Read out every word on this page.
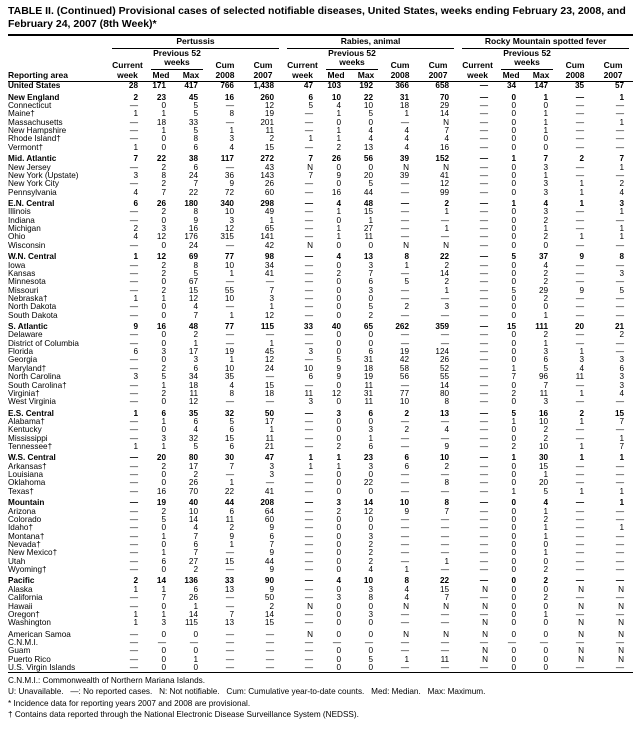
TABLE II. (Continued) Provisional cases of selected notifiable diseases, United States, weeks ending February 23, 2008, and February 24, 2007 (8th Week)*
Reporting area	Pertussis					Rabies, animal					Rocky Mountain spotted fever				

	Current week	Previous 52 weeks		Cum 2008	Cum 2007	Current week	Previous 52 weeks		Cum 2008	Cum 2007	Current week	Previous 52 weeks		Cum 2008	Cum 2007
		Med	Max				Med	Max				Med	Max		
United States	28	171	417	766	1,438	47	103	192	366	658	—	34	147	35	57

New England	2	23	45	16	260	6	10	22	31	70	—	0	1	—	1
Connecticut	—	0	5	—	12	5	4	10	18	29	—	0	0	—	—
Maine†	1	1	5	8	19	—	1	5	1	14	—	0	1	—	—
Massachusetts	—	18	33	—	201	—	0	0	—	N	—	0	1	—	1
New Hampshire	—	1	5	1	11	—	1	4	4	7	—	0	1	—	—
Rhode Island†	—	0	8	3	2	1	1	4	4	4	—	0	0	—	—
Vermont†	1	0	6	4	15	—	2	13	4	16	—	0	0	—	—

Mid. Atlantic	7	22	38	117	272	7	26	56	39	152	—	1	7	2	7
New Jersey	—	2	6	—	43	N	0	0	N	N	—	0	3	—	1
New York (Upstate)	3	8	24	36	143	7	9	20	39	41	—	0	1	—	—
New York City	—	2	7	9	26	—	0	5	—	12	—	0	3	1	2
Pennsylvania	4	7	22	72	60	—	16	44	—	99	—	0	3	1	4

E.N. Central	6	26	180	340	298	—	4	48	—	2	—	1	4	1	3
Illinois	—	2	8	10	49	—	1	15	—	1	—	0	3	—	1
Indiana	—	0	9	3	1	—	0	1	—	—	—	0	2	—	—
Michigan	2	3	16	12	65	—	1	27	—	1	—	0	1	—	1
Ohio	4	12	176	315	141	—	1	11	—	—	—	0	2	1	1
Wisconsin	—	0	24	—	42	N	0	0	N	N	—	0	0	—	—

W.N. Central	1	12	69	77	98	—	4	13	8	22	—	5	37	9	8
Iowa	—	2	8	10	34	—	0	3	1	2	—	0	4	—	—
Kansas	—	2	5	1	41	—	2	7	—	14	—	0	2	—	3
Minnesota	—	0	67	—	—	—	0	6	5	2	—	0	2	—	—
Missouri	—	2	15	55	7	—	0	3	—	1	—	5	29	9	5
Nebraska†	1	1	12	10	3	—	0	0	—	—	—	0	2	—	—
North Dakota	—	0	4	—	1	—	0	5	2	3	—	0	0	—	—
South Dakota	—	0	7	1	12	—	0	2	—	—	—	0	1	—	—

S. Atlantic	9	16	48	77	115	33	40	65	262	359	—	15	111	20	21
Delaware	—	0	2	—	—	—	0	0	—	—	—	0	2	—	2
District of Columbia	—	0	1	—	1	—	0	0	—	—	—	0	1	—	—
Florida	6	3	17	19	45	3	0	6	19	124	—	0	3	1	—
Georgia	—	0	3	1	12	—	5	31	42	26	—	0	6	3	3
Maryland†	—	2	6	10	24	10	9	18	58	52	—	1	5	4	6
North Carolina	3	5	34	35	—	6	9	19	56	55	—	7	96	11	3
South Carolina†	—	1	18	4	15	—	0	11	—	14	—	0	7	—	3
Virginia†	—	2	11	8	18	11	12	31	77	80	—	2	11	1	4
West Virginia	—	0	12	—	—	3	0	11	10	8	—	0	3	—	—

E.S. Central	1	6	35	32	50	—	3	6	2	13	—	5	16	2	15
Alabama†	—	1	6	5	17	—	0	0	—	—	—	1	10	1	7
Kentucky	—	0	4	6	1	—	0	3	2	4	—	0	2	—	—
Mississippi	—	3	32	15	11	—	0	1	—	—	—	0	2	—	1
Tennessee†	1	1	5	6	21	—	2	6	—	9	—	2	10	1	7

W.S. Central	—	20	80	30	47	1	1	23	6	10	—	1	30	1	1
Arkansas†	—	2	17	7	3	1	1	3	6	2	—	0	15	—	—
Louisiana	—	0	2	—	3	—	0	0	—	—	—	0	1	—	—
Oklahoma	—	0	26	1	—	—	0	22	—	8	—	0	20	—	—
Texas†	—	16	70	22	41	—	0	0	—	—	—	1	5	1	1

Mountain	—	19	40	44	208	—	3	14	10	8	—	0	4	—	1
Arizona	—	2	10	6	64	—	2	12	9	7	—	0	1	—	—
Colorado	—	5	14	11	60	—	0	0	—	—	—	0	2	—	—
Idaho†	—	0	4	2	9	—	0	0	—	—	—	0	1	—	1
Montana†	—	1	7	9	6	—	0	3	—	—	—	0	1	—	—
Nevada†	—	0	6	1	7	—	0	2	—	—	—	0	0	—	—
New Mexico†	—	1	7	—	9	—	0	2	—	—	—	0	1	—	—
Utah	—	6	27	15	44	—	0	2	—	1	—	0	0	—	—
Wyoming†	—	0	2	—	9	—	0	4	1	—	—	0	2	—	—

Pacific	2	14	136	33	90	—	4	10	8	22	—	0	2	—	—
Alaska	1	1	6	13	9	—	0	3	4	15	N	0	0	N	N
California	—	7	26	—	50	—	3	8	4	7	—	0	2	—	—
Hawaii	—	0	1	—	2	N	0	0	N	N	N	0	0	N	N
Oregon†	1	1	14	7	14	—	0	3	—	—	—	0	1	—	—
Washington	1	3	115	13	15	—	0	0	—	—	N	0	0	N	N

American Samoa	—	0	0	—	—	N	0	0	N	N	N	0	0	N	N
C.N.M.I.	—	—	—	—	—	—	—	—	—	—	—	—	—	—	—
Guam	—	0	0	—	—	—	0	0	—	—	N	0	0	N	N
Puerto Rico	—	0	1	—	—	—	0	5	1	11	N	0	0	N	N
U.S. Virgin Islands	—	0	0	—	—	—	0	0	—	—	—	0	0	—	—
C.N.M.I.: Commonwealth of Northern Mariana Islands.
U: Unavailable.   —: No reported cases.   N: Not notifiable.   Cum: Cumulative year-to-date counts.   Med: Median.   Max: Maximum.
* Incidence data for reporting years 2007 and 2008 are provisional.
† Contains data reported through the National Electronic Disease Surveillance System (NEDSS).
